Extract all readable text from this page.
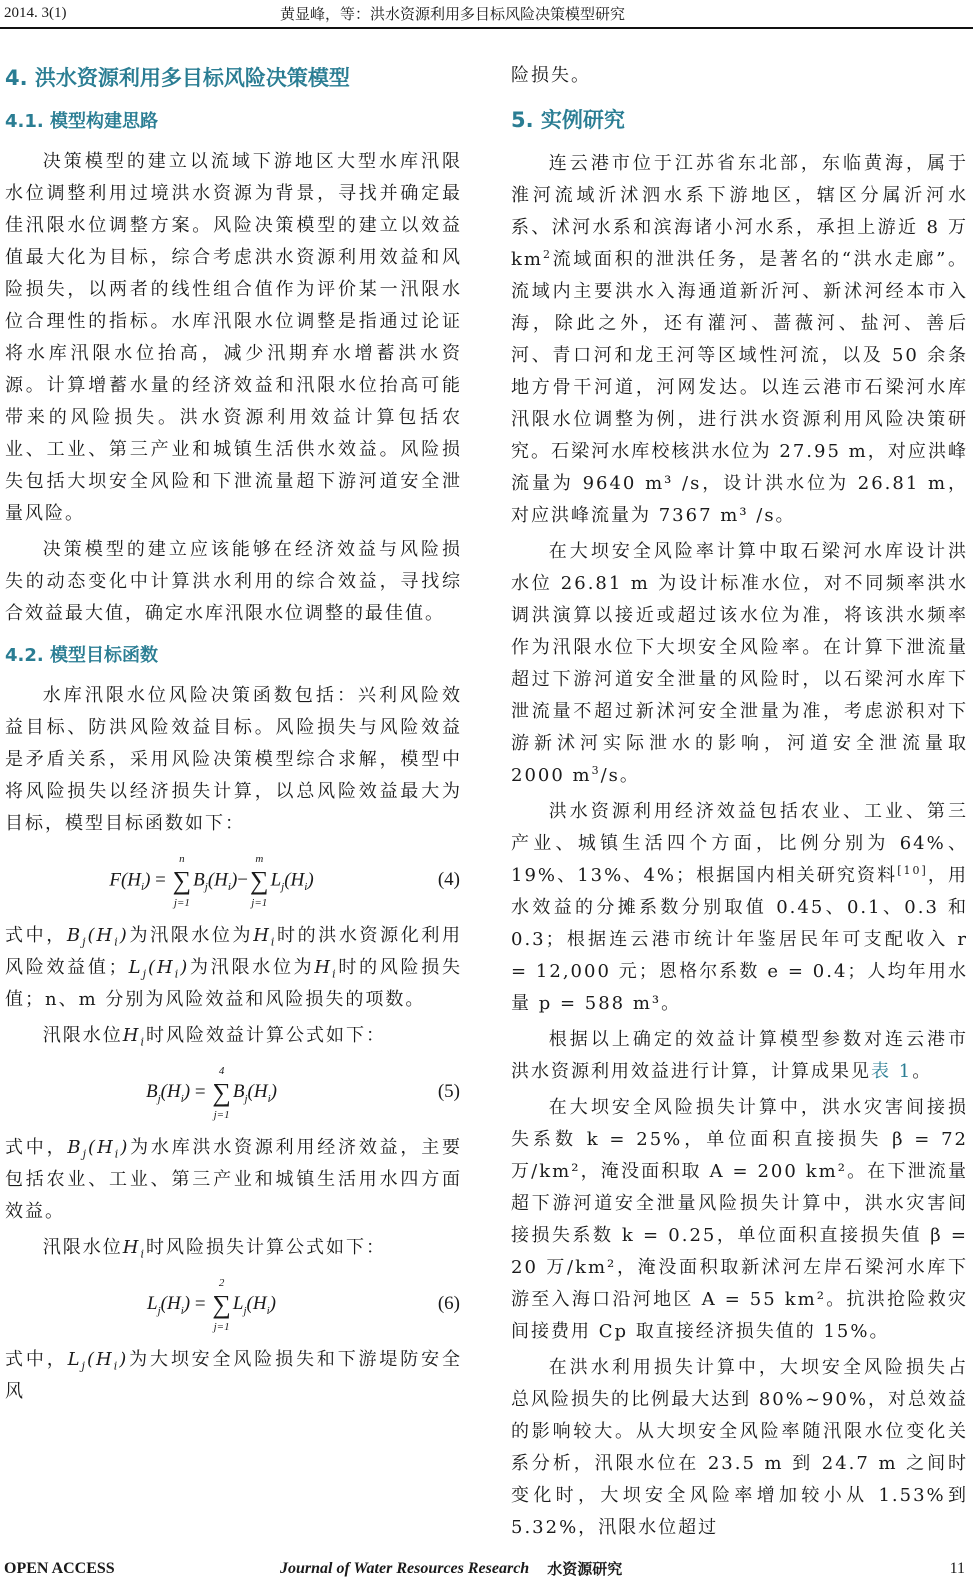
2014. 3(1)	黄显峰，等：洪水资源利用多目标风险决策模型研究
4. 洪水资源利用多目标风险决策模型
4.1. 模型构建思路

决策模型的建立以流域下游地区大型水库汛限水位调整利用过境洪水资源为背景，寻找并确定最佳汛限水位调整方案。风险决策模型的建立以效益值最大化为目标，综合考虑洪水资源利用效益和风险损失，以两者的线性组合值作为评价某一汛限水位合理性的指标。水库汛限水位调整是指通过论证将水库汛限水位抬高，减少汛期弃水增蓄洪水资源。计算增蓄水量的经济效益和汛限水位抬高可能带来的风险损失。洪水资源利用效益计算包括农业、工业、第三产业和城镇生活供水效益。风险损失包括大坝安全风险和下泄流量超下游河道安全泄量风险。

决策模型的建立应该能够在经济效益与风险损失的动态变化中计算洪水利用的综合效益，寻找综合效益最大值，确定水库汛限水位调整的最佳值。

4.2. 模型目标函数

水库汛限水位风险决策函数包括：兴利风险效益目标、防洪风险效益目标。风险损失与风险效益是矛盾关系，采用风险决策模型综合求解，模型中将风险损失以经济损失计算，以总风险效益最大为目标，模型目标函数如下：

$F(H_i)$ =
n
∑
j=1
$B_j(H_i)-$
m
∑
j=1
$L_j(H_i)$	(4)

式中，$B_j(H_i)$为汛限水位为$H_i$时的洪水资源化利用风险效益值；$L_j(H_i)$为汛限水位为$H_i$时的风险损失值；n、m 分别为风险效益和风险损失的项数。

汛限水位$H_i$时风险效益计算公式如下：

$B_j(H_i)$ =
4
∑
j=1
$B_j(H_i)$	(5)

式中，$B_j(H_i)$为水库洪水资源利用经济效益，主要包括农业、工业、第三产业和城镇生活用水四方面效益。

汛限水位$H_i$时风险损失计算公式如下：

$L_j(H_i)$ =
2
∑
j=1
$L_j(H_i)$	(6)

式中，$L_j(H_i)$为大坝安全风险损失和下游堤防安全风

险损失。

5. 实例研究

连云港市位于江苏省东北部，东临黄海，属于淮河流域沂沭泗水系下游地区，辖区分属沂河水系、沭河水系和滨海诸小河水系，承担上游近 8 万 $km^2$流域面积的泄洪任务，是著名的“洪水走廊”。流域内主要洪水入海通道新沂河、新沭河经本市入海，除此之外，还有灌河、蔷薇河、盐河、善后河、青口河和龙王河等区域性河流，以及 50 余条地方骨干河道，河网发达。以连云港市石梁河水库汛限水位调整为例，进行洪水资源利用风险决策研究。石梁河水库校核洪水位为 27.95 m，对应洪峰流量为 9640 m³ /s，设计洪水位为 26.81 m，对应洪峰流量为 7367 m³ /s。

在大坝安全风险率计算中取石梁河水库设计洪水位 26.81 m 为设计标准水位，对不同频率洪水调洪演算以接近或超过该水位为准，将该洪水频率作为汛限水位下大坝安全风险率。在计算下泄流量超过下游河道安全泄量的风险时，以石梁河水库下泄流量不超过新沭河安全泄量为准，考虑淤积对下游新沭河实际泄水的影响，河道安全泄流量取 2000 $m^3/s$。

洪水资源利用经济效益包括农业、工业、第三产业、城镇生活四个方面，比例分别为 64%、19%、13%、4%；根据国内相关研究资料[10]，用水效益的分摊系数分别取值 0.45、0.1、0.3 和 0.3；根据连云港市统计年鉴居民年可支配收入 r = 12,000 元；恩格尔系数 e = 0.4；人均年用水量 p = 588 m³。

根据以上确定的效益计算模型参数对连云港市洪水资源利用效益进行计算，计算成果见表 1。

在大坝安全风险损失计算中，洪水灾害间接损失系数 k = 25%，单位面积直接损失 β = 72 万/km²，淹没面积取 A = 200 km²。在下泄流量超下游河道安全泄量风险损失计算中，洪水灾害间接损失系数 k = 0.25，单位面积直接损失值 β = 20 万/km²，淹没面积取新沭河左岸石梁河水库下游至入海口沿河地区 A = 55 km²。抗洪抢险救灾间接费用 Cp 取直接经济损失值的 15%。

在洪水利用损失计算中，大坝安全风险损失占总风险损失的比例最大达到 80%~90%，对总效益的影响较大。从大坝安全风险率随汛限水位变化关系分析，汛限水位在 23.5 m 到 24.7 m 之间时变化时，大坝安全风险率增加较小从 1.53%到 5.32%，汛限水位超过

OPEN ACCESS	Journal of Water Resources Research 水资源研究	11
